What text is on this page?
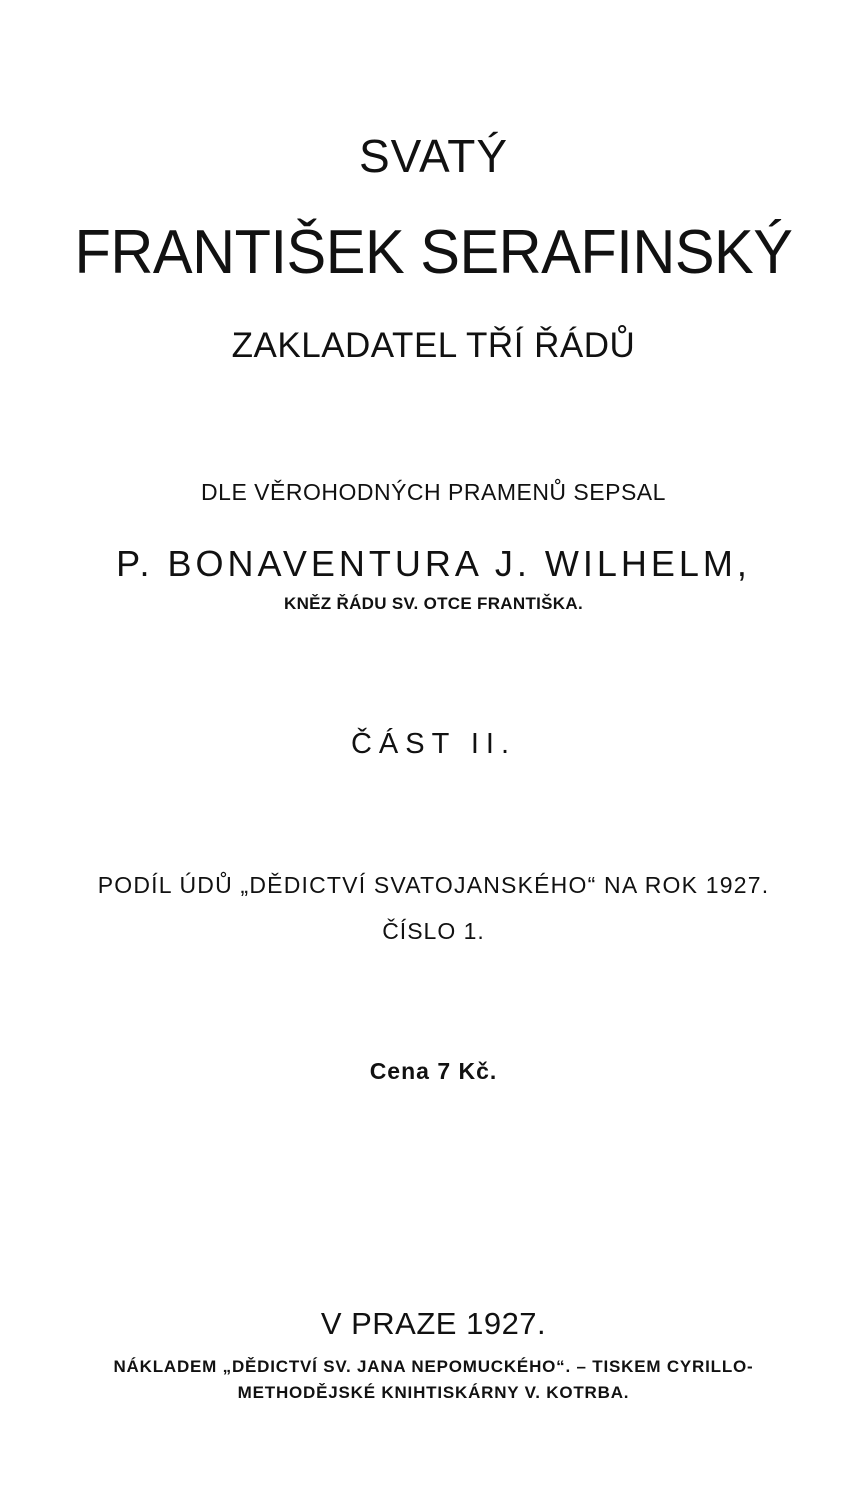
SVATÝ
FRANTIŠEK SERAFINSKÝ
ZAKLADATEL TŘÍ ŘÁDŮ
DLE VĚROHODNÝCH PRAMENŮ SEPSAL
P. BONAVENTURA J. WILHELM,
KNĚZ ŘÁDU SV. OTCE FRANTIŠKA.
ČÁST II.
PODÍL ÚDŮ „DĚDICTVÍ SVATOJANSKÉHO“ NA ROK 1927.
ČÍSLO 1.
Cena 7 Kč.
V PRAZE 1927.
NÁKLADEM „DĚDICTVÍ SV. JANA NEPOMUCKÉHO“. – TISKEM CYRILLO-
METHODĚJSKÉ KNIHTISKÁRNY V. KOTRBA.
